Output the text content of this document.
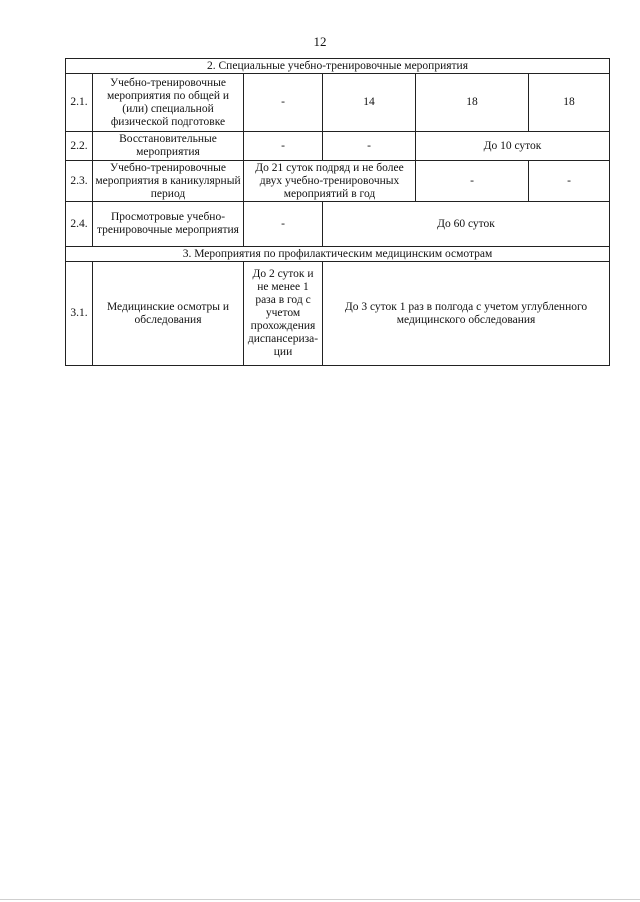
12
2. Специальные учебно-тренировочные мероприятия					
2.1.	Учебно-тренировочные мероприятия по общей и (или) специальной физической подготовке	-	14	18	18
2.2.	Восстановительные мероприятия	-	-	До 10 суток	
2.3.	Учебно-тренировочные мероприятия в каникулярный период	До 21 суток подряд и не более двух учебно-тренировочных мероприятий в год		-	-
2.4.	Просмотровые учебно-тренировочные мероприятия	-	До 60 суток		
3. Мероприятия по профилактическим медицинским осмотрам					
3.1.	Медицинские осмотры и обследования	До 2 суток и не менее 1 раза в год с учетом прохождения диспансериза-ции	До 3 суток 1 раз в полгода с учетом углубленного медицинского обследования		
